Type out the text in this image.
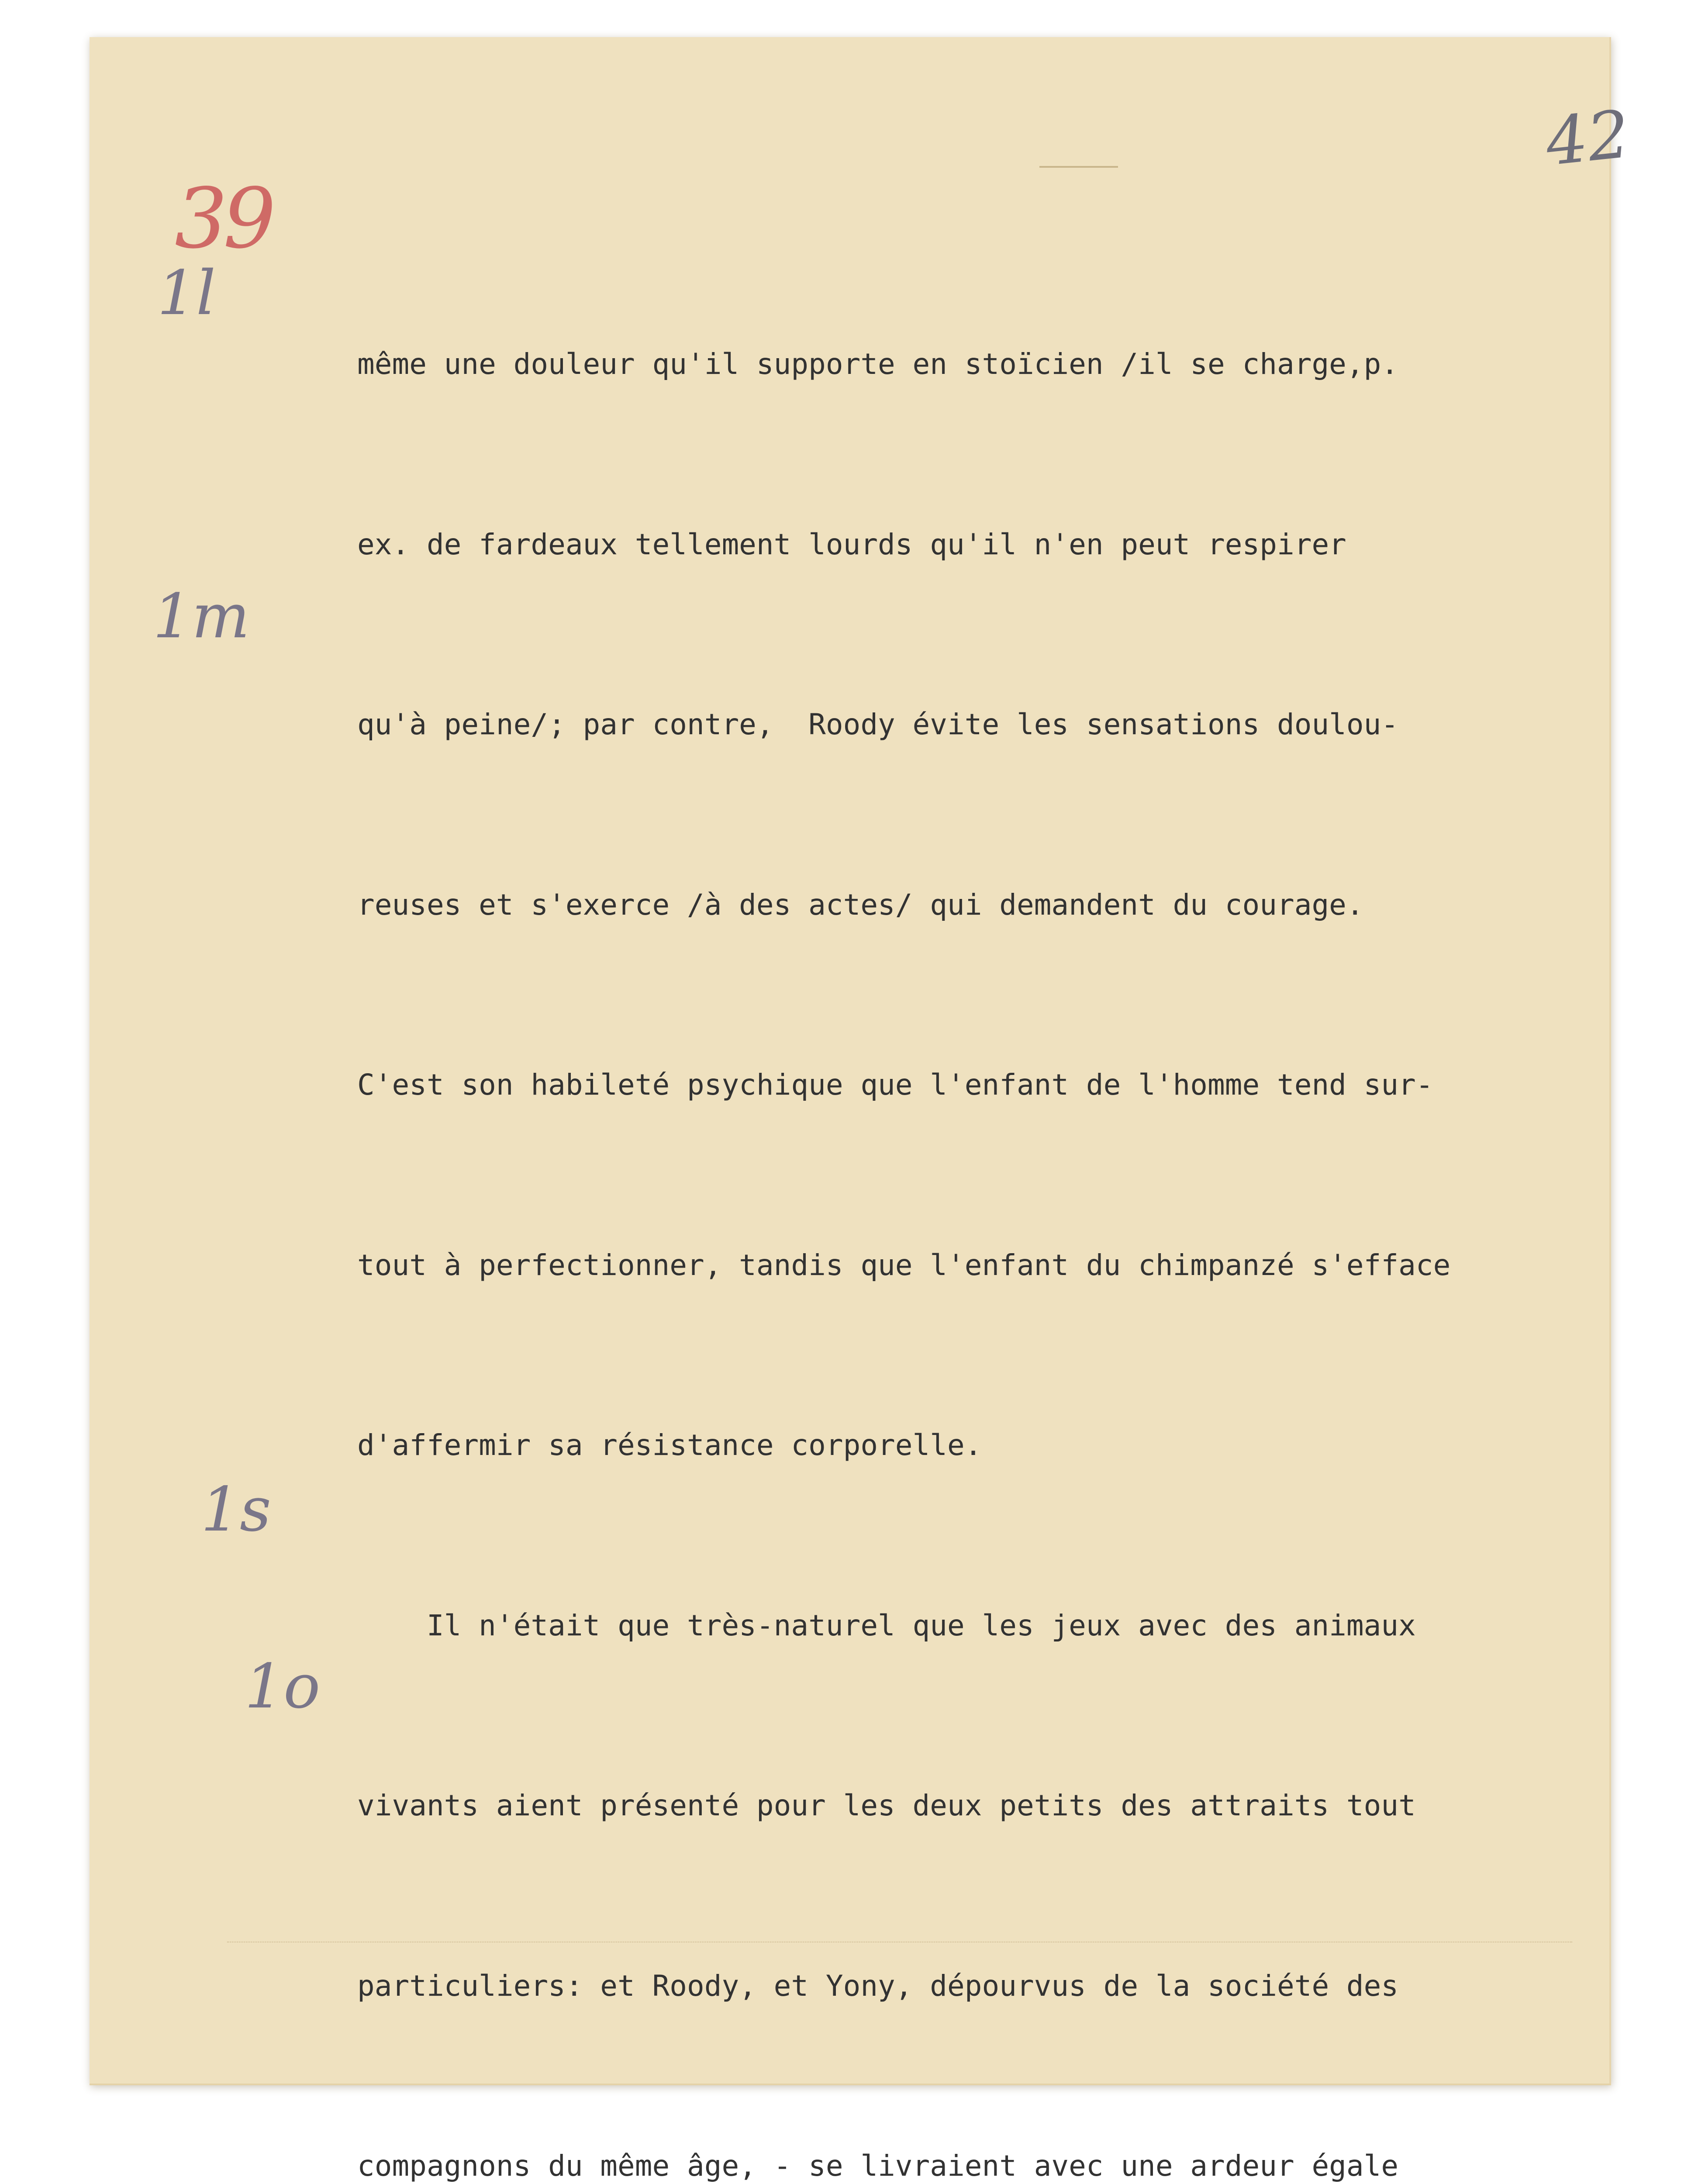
42

39

1l

1m

1s

1o

même une douleur qu'il supporte en stoïcien /il se charge,p.

ex. de fardeaux tellement lourds qu'il n'en peut respirer

qu'à peine/; par contre,  Roody évite les sensations doulou-

reuses et s'exerce /à des actes/ qui demandent du courage.

C'est son habileté psychique que l'enfant de l'homme tend sur-

tout à perfectionner, tandis que l'enfant du chimpanzé s'efface

d'affermir sa résistance corporelle.

Il n'était que très-naturel que les jeux avec des animaux

vivants aient présenté pour les deux petits des attraits tout

particuliers: et Roody, et Yony, dépourvus de la société des

compagnons du même âge, - se livraient avec une ardeur égale
